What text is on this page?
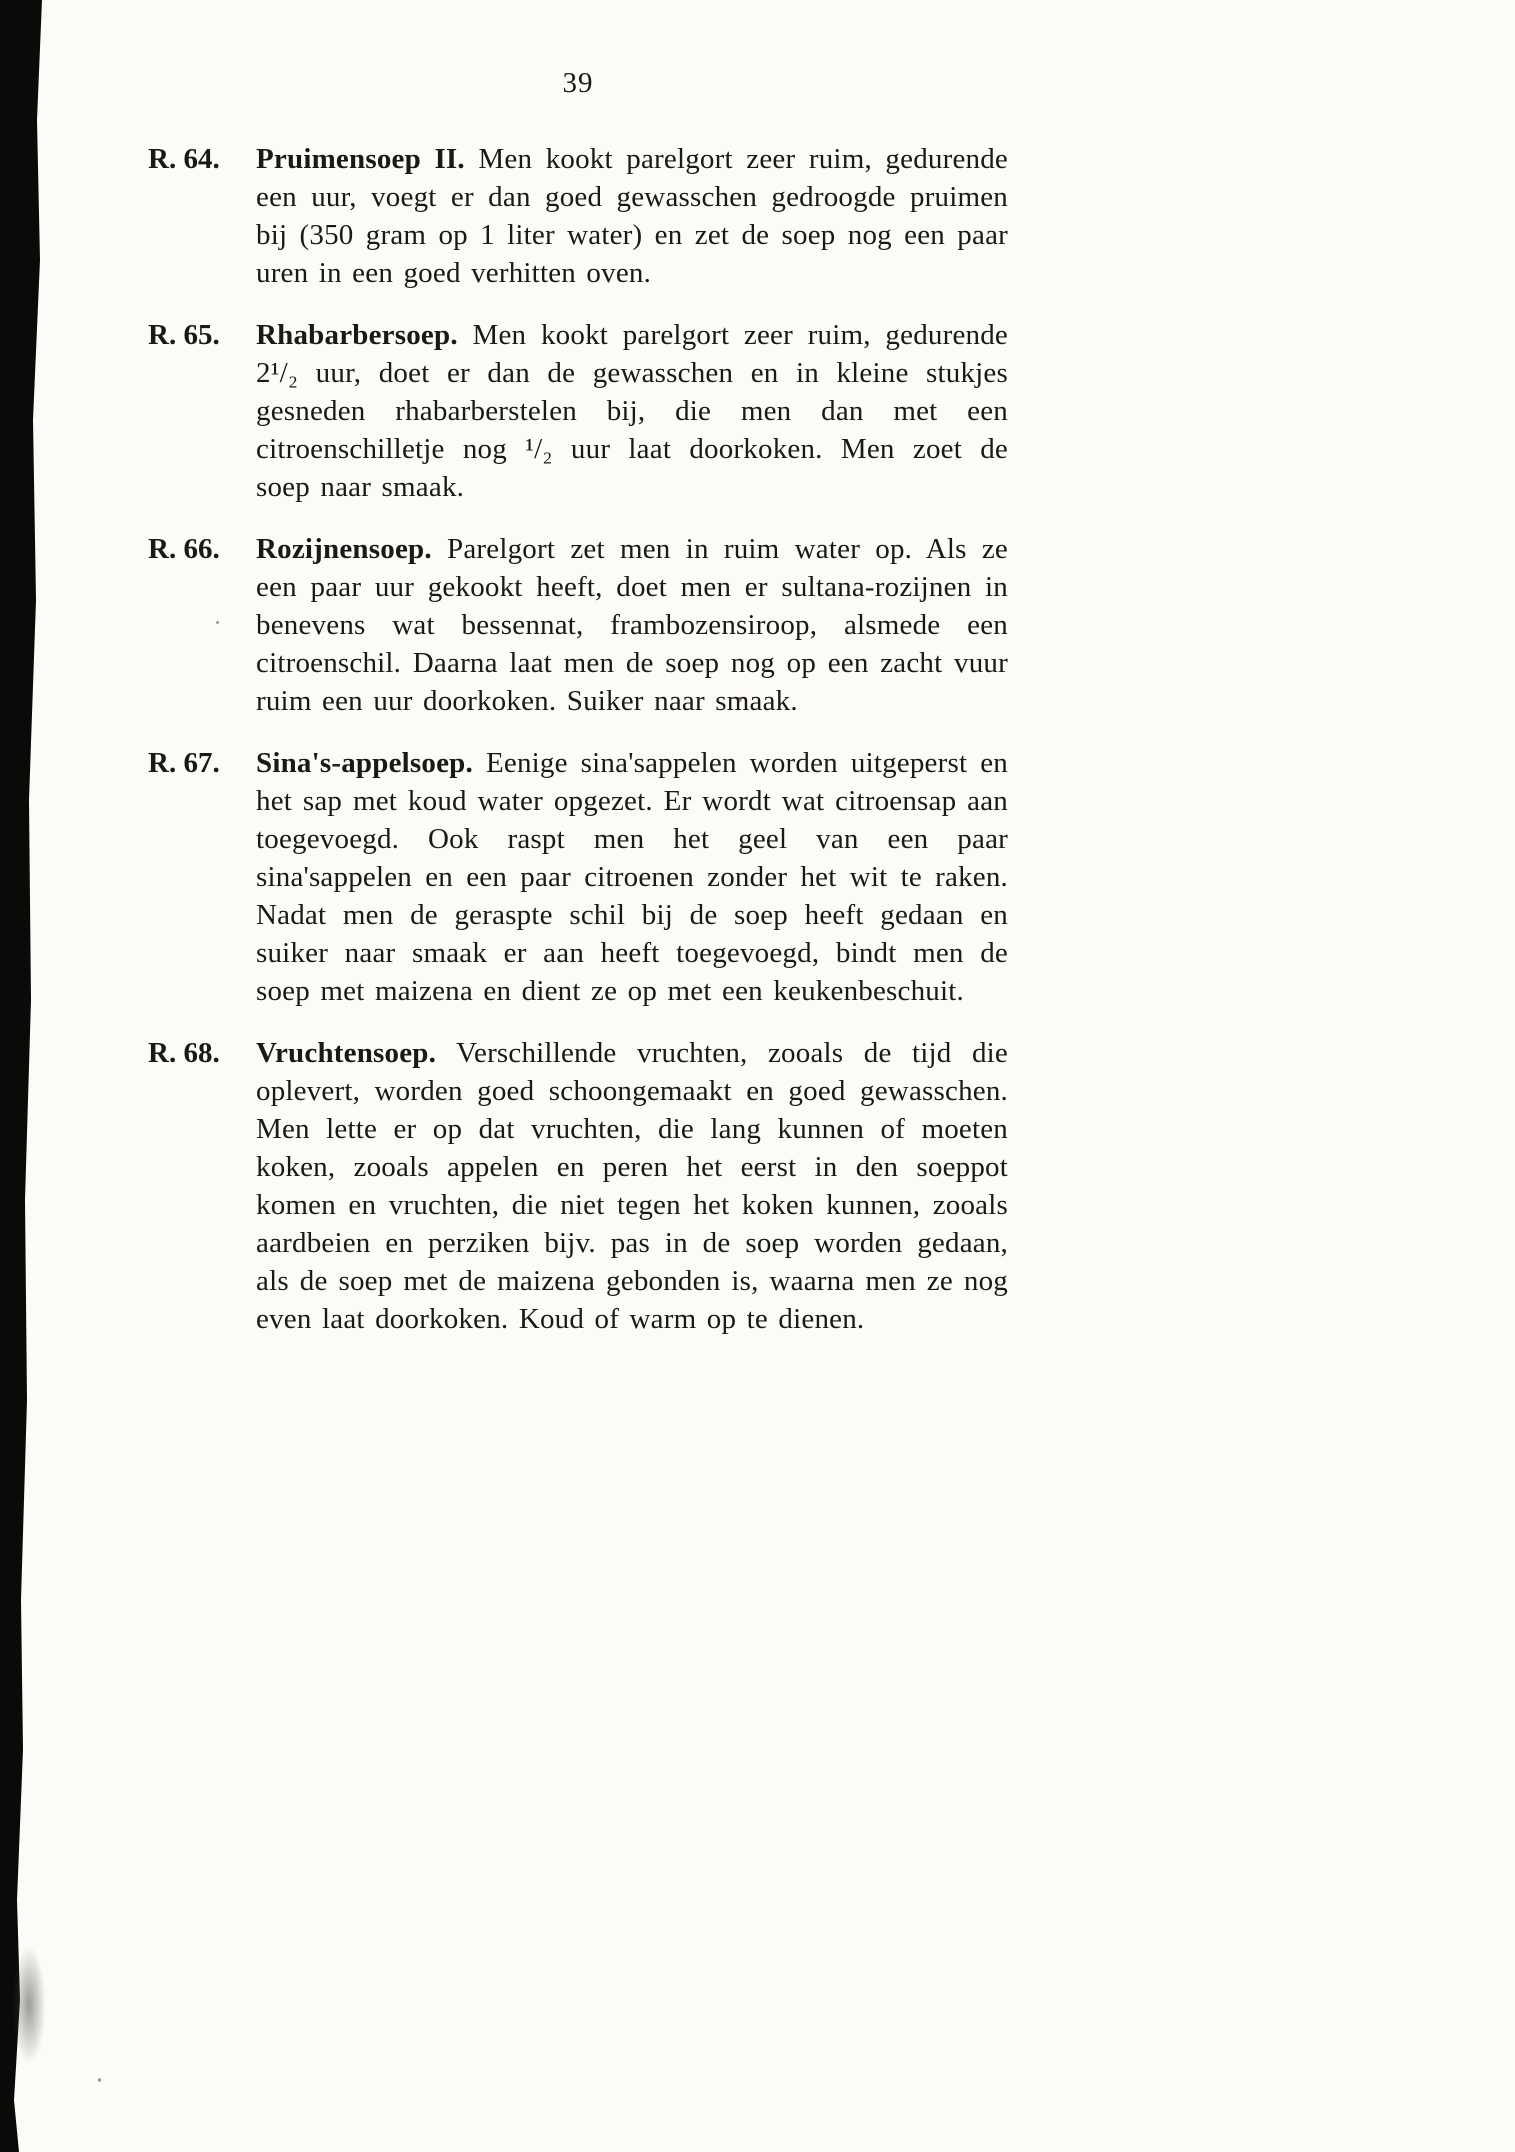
39
R. 64.	Pruimensoep II. Men kookt parelgort zeer ruim, gedurende een uur, voegt er dan goed gewasschen gedroogde pruimen bij (350 gram op 1 liter water) en zet de soep nog een paar uren in een goed verhitten oven.

R. 65.	Rhabarbersoep. Men kookt parelgort zeer ruim, gedurende 2¹/₂ uur, doet er dan de gewasschen en in kleine stukjes gesneden rhabarberstelen bij, die men dan met een citroenschilletje nog ¹/₂ uur laat doorkoken. Men zoet de soep naar smaak.

R. 66.	Rozijnensoep. Parelgort zet men in ruim water op. Als ze een paar uur gekookt heeft, doet men er sultana-rozijnen in benevens wat bessennat, frambozensiroop, alsmede een citroenschil. Daarna laat men de soep nog op een zacht vuur ruim een uur doorkoken. Suiker naar smaak.

R. 67.	Sina's-appelsoep. Eenige sina'sappelen worden uitgeperst en het sap met koud water opgezet. Er wordt wat citroensap aan toegevoegd. Ook raspt men het geel van een paar sina'sappelen en een paar citroenen zonder het wit te raken. Nadat men de geraspte schil bij de soep heeft gedaan en suiker naar smaak er aan heeft toegevoegd, bindt men de soep met maizena en dient ze op met een keukenbeschuit.

R. 68.	Vruchtensoep. Verschillende vruchten, zooals de tijd die oplevert, worden goed schoongemaakt en goed gewasschen. Men lette er op dat vruchten, die lang kunnen of moeten koken, zooals appelen en peren het eerst in den soeppot komen en vruchten, die niet tegen het koken kunnen, zooals aardbeien en perziken bijv. pas in de soep worden gedaan, als de soep met de maizena gebonden is, waarna men ze nog even laat doorkoken. Koud of warm op te dienen.
